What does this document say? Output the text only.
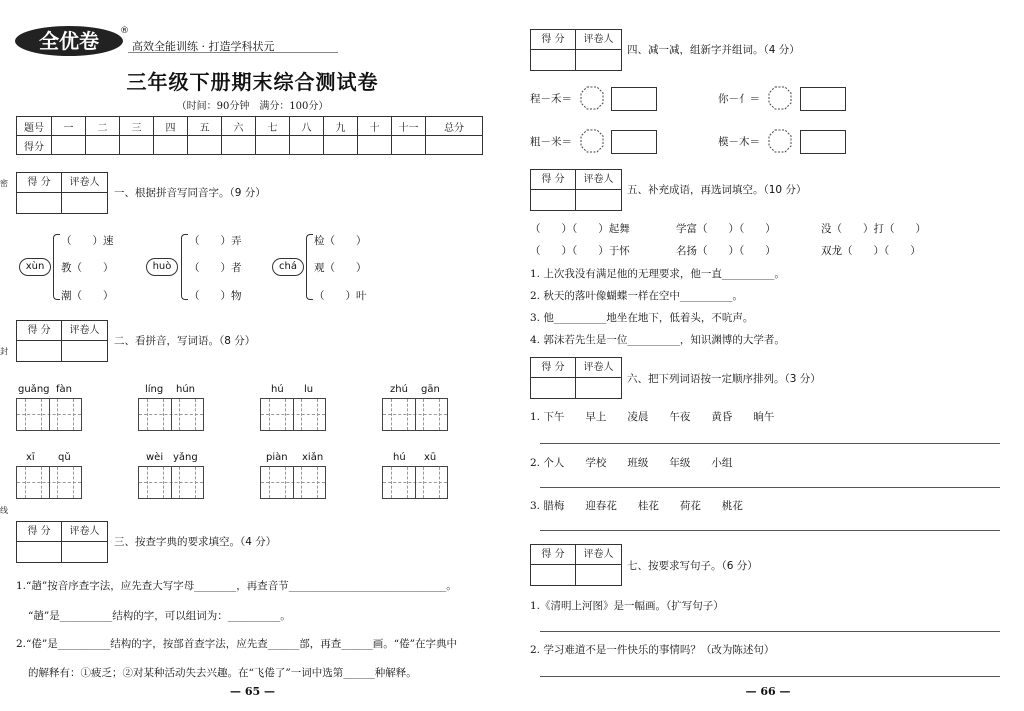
密
封
线
全优卷 ®
高效全能训练 · 打造学科状元
三年级下册期末综合测试卷
（时间：90分钟　满分：100分）
题号	一	二	三	四	五	六	七	八	九	十	十一	总分
得分												
得 分	评卷人
一、根据拼音写同音字。（9 分）
xùn
（　　）速
教（　　）
潮（　　）
huò
（　　）弄
（　　）者
（　　）物
chá
检（　　）
观（　　）
（　　）叶
得 分	评卷人
二、看拼音，写词语。（8 分）
guǎng fàn	líng hún	hú lu	zhú gān
xī qǔ	wèi yǎng	piàn xiǎn	hú xū
得 分	评卷人
三、按查字典的要求填空。（4 分）
1.“趟”按音序查字法，应先查大写字母________，再查音节______________________________。
“趟”是__________结构的字，可以组词为：__________。
2.“倦”是__________结构的字，按部首查字法，应先查______部，再查______画。“倦”在字典中
的解释有：①疲乏；②对某种活动失去兴趣。在“飞倦了”一词中选第______种解释。
— 65 —
得 分	评卷人
四、减一减，组新字并组词。（4 分）
程－禾＝	你－亻＝
粗－米＝	模－木＝
得 分	评卷人
五、补充成语，再选词填空。（10 分）
（　　）（　　）起舞	学富（　　）（　　）	没（　　）打（　　）
（　　）（　　）于怀	名扬（　　）（　　）	双龙（　　）（　　）
1. 上次我没有满足他的无理要求，他一直__________。
2. 秋天的落叶像蝴蝶一样在空中__________。
3. 他__________地坐在地下，低着头，不吭声。
4. 郭沫若先生是一位__________，知识渊博的大学者。
得 分	评卷人
六、把下列词语按一定顺序排列。（3 分）
1. 下午　　早上　　凌晨　　午夜　　黄昏　　晌午
2. 个人　　学校　　班级　　年级　　小组
3. 腊梅　　迎春花　　桂花　　荷花　　桃花
得 分	评卷人
七、按要求写句子。（6 分）
1.《清明上河图》是一幅画。（扩写句子）
2. 学习难道不是一件快乐的事情吗？（改为陈述句）
— 66 —
